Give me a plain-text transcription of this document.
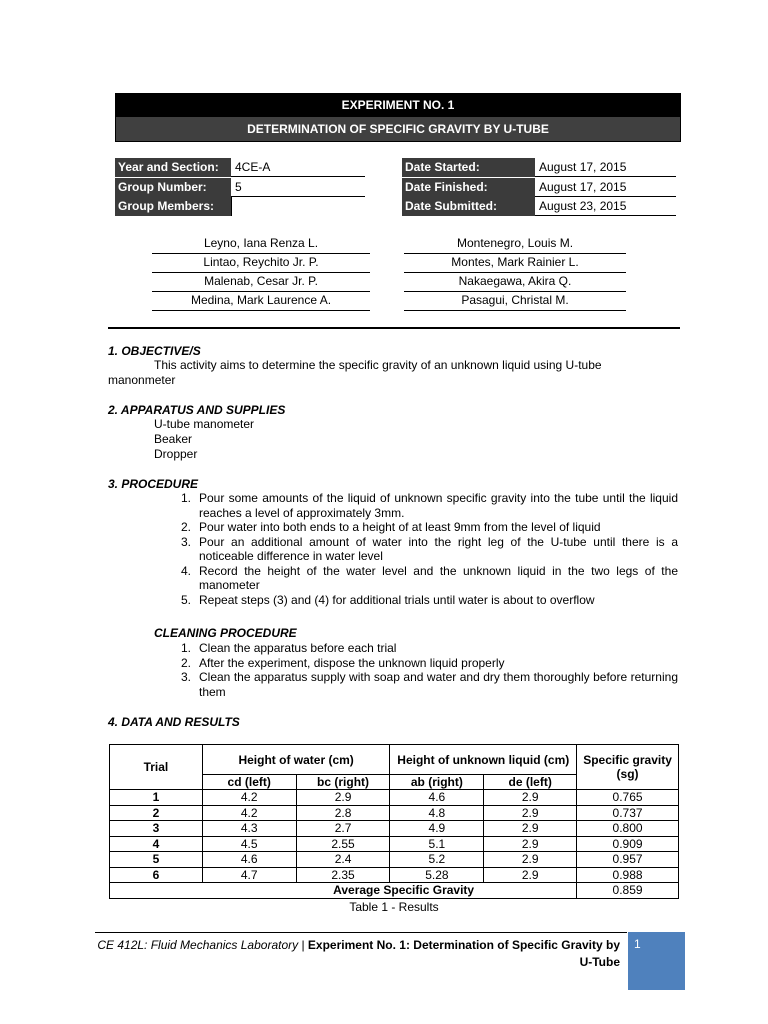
EXPERIMENT NO. 1
DETERMINATION OF SPECIFIC GRAVITY BY U-TUBE
Year and Section:	4CE-A
Group Number:	5
Group Members:
Date Started:	August 17, 2015
Date Finished:	August 17, 2015
Date Submitted:	August 23, 2015
Leyno, Iana Renza L.
Lintao, Reychito Jr. P.
Malenab, Cesar Jr. P.
Medina, Mark Laurence A.
Montenegro, Louis M.
Montes, Mark Rainier L.
Nakaegawa, Akira Q.
Pasagui, Christal M.
1. OBJECTIVE/S
This activity aims to determine the specific gravity of an unknown liquid using U-tube
manonmeter
2. APPARATUS AND SUPPLIES
U-tube manometer
Beaker
Dropper
3. PROCEDURE
1. Pour some amounts of the liquid of unknown specific gravity into the tube until the liquid reaches a level of approximately 3mm.
2. Pour water into both ends to a height of at least 9mm from the level of liquid
3. Pour an additional amount of water into the right leg of the U-tube until there is a noticeable difference in water level
4. Record the height of the water level and the unknown liquid in the two legs of the manometer
5. Repeat steps (3) and (4) for additional trials until water is about to overflow
CLEANING PROCEDURE
1. Clean the apparatus before each trial
2. After the experiment, dispose the unknown liquid properly
3. Clean the apparatus supply with soap and water and dry them thoroughly before returning them
4. DATA AND RESULTS
Trial	Height of water (cm)		Height of unknown liquid (cm)		Specific gravity (sg)
	cd (left)	bc (right)	ab (right)	de (left)	
1	4.2	2.9	4.6	2.9	0.765
2	4.2	2.8	4.8	2.9	0.737
3	4.3	2.7	4.9	2.9	0.800
4	4.5	2.55	5.1	2.9	0.909
5	4.6	2.4	5.2	2.9	0.957
6	4.7	2.35	5.28	2.9	0.988
Average Specific Gravity					0.859
Table 1 - Results
CE 412L: Fluid Mechanics Laboratory | Experiment No. 1: Determination of Specific Gravity by U-Tube
1
